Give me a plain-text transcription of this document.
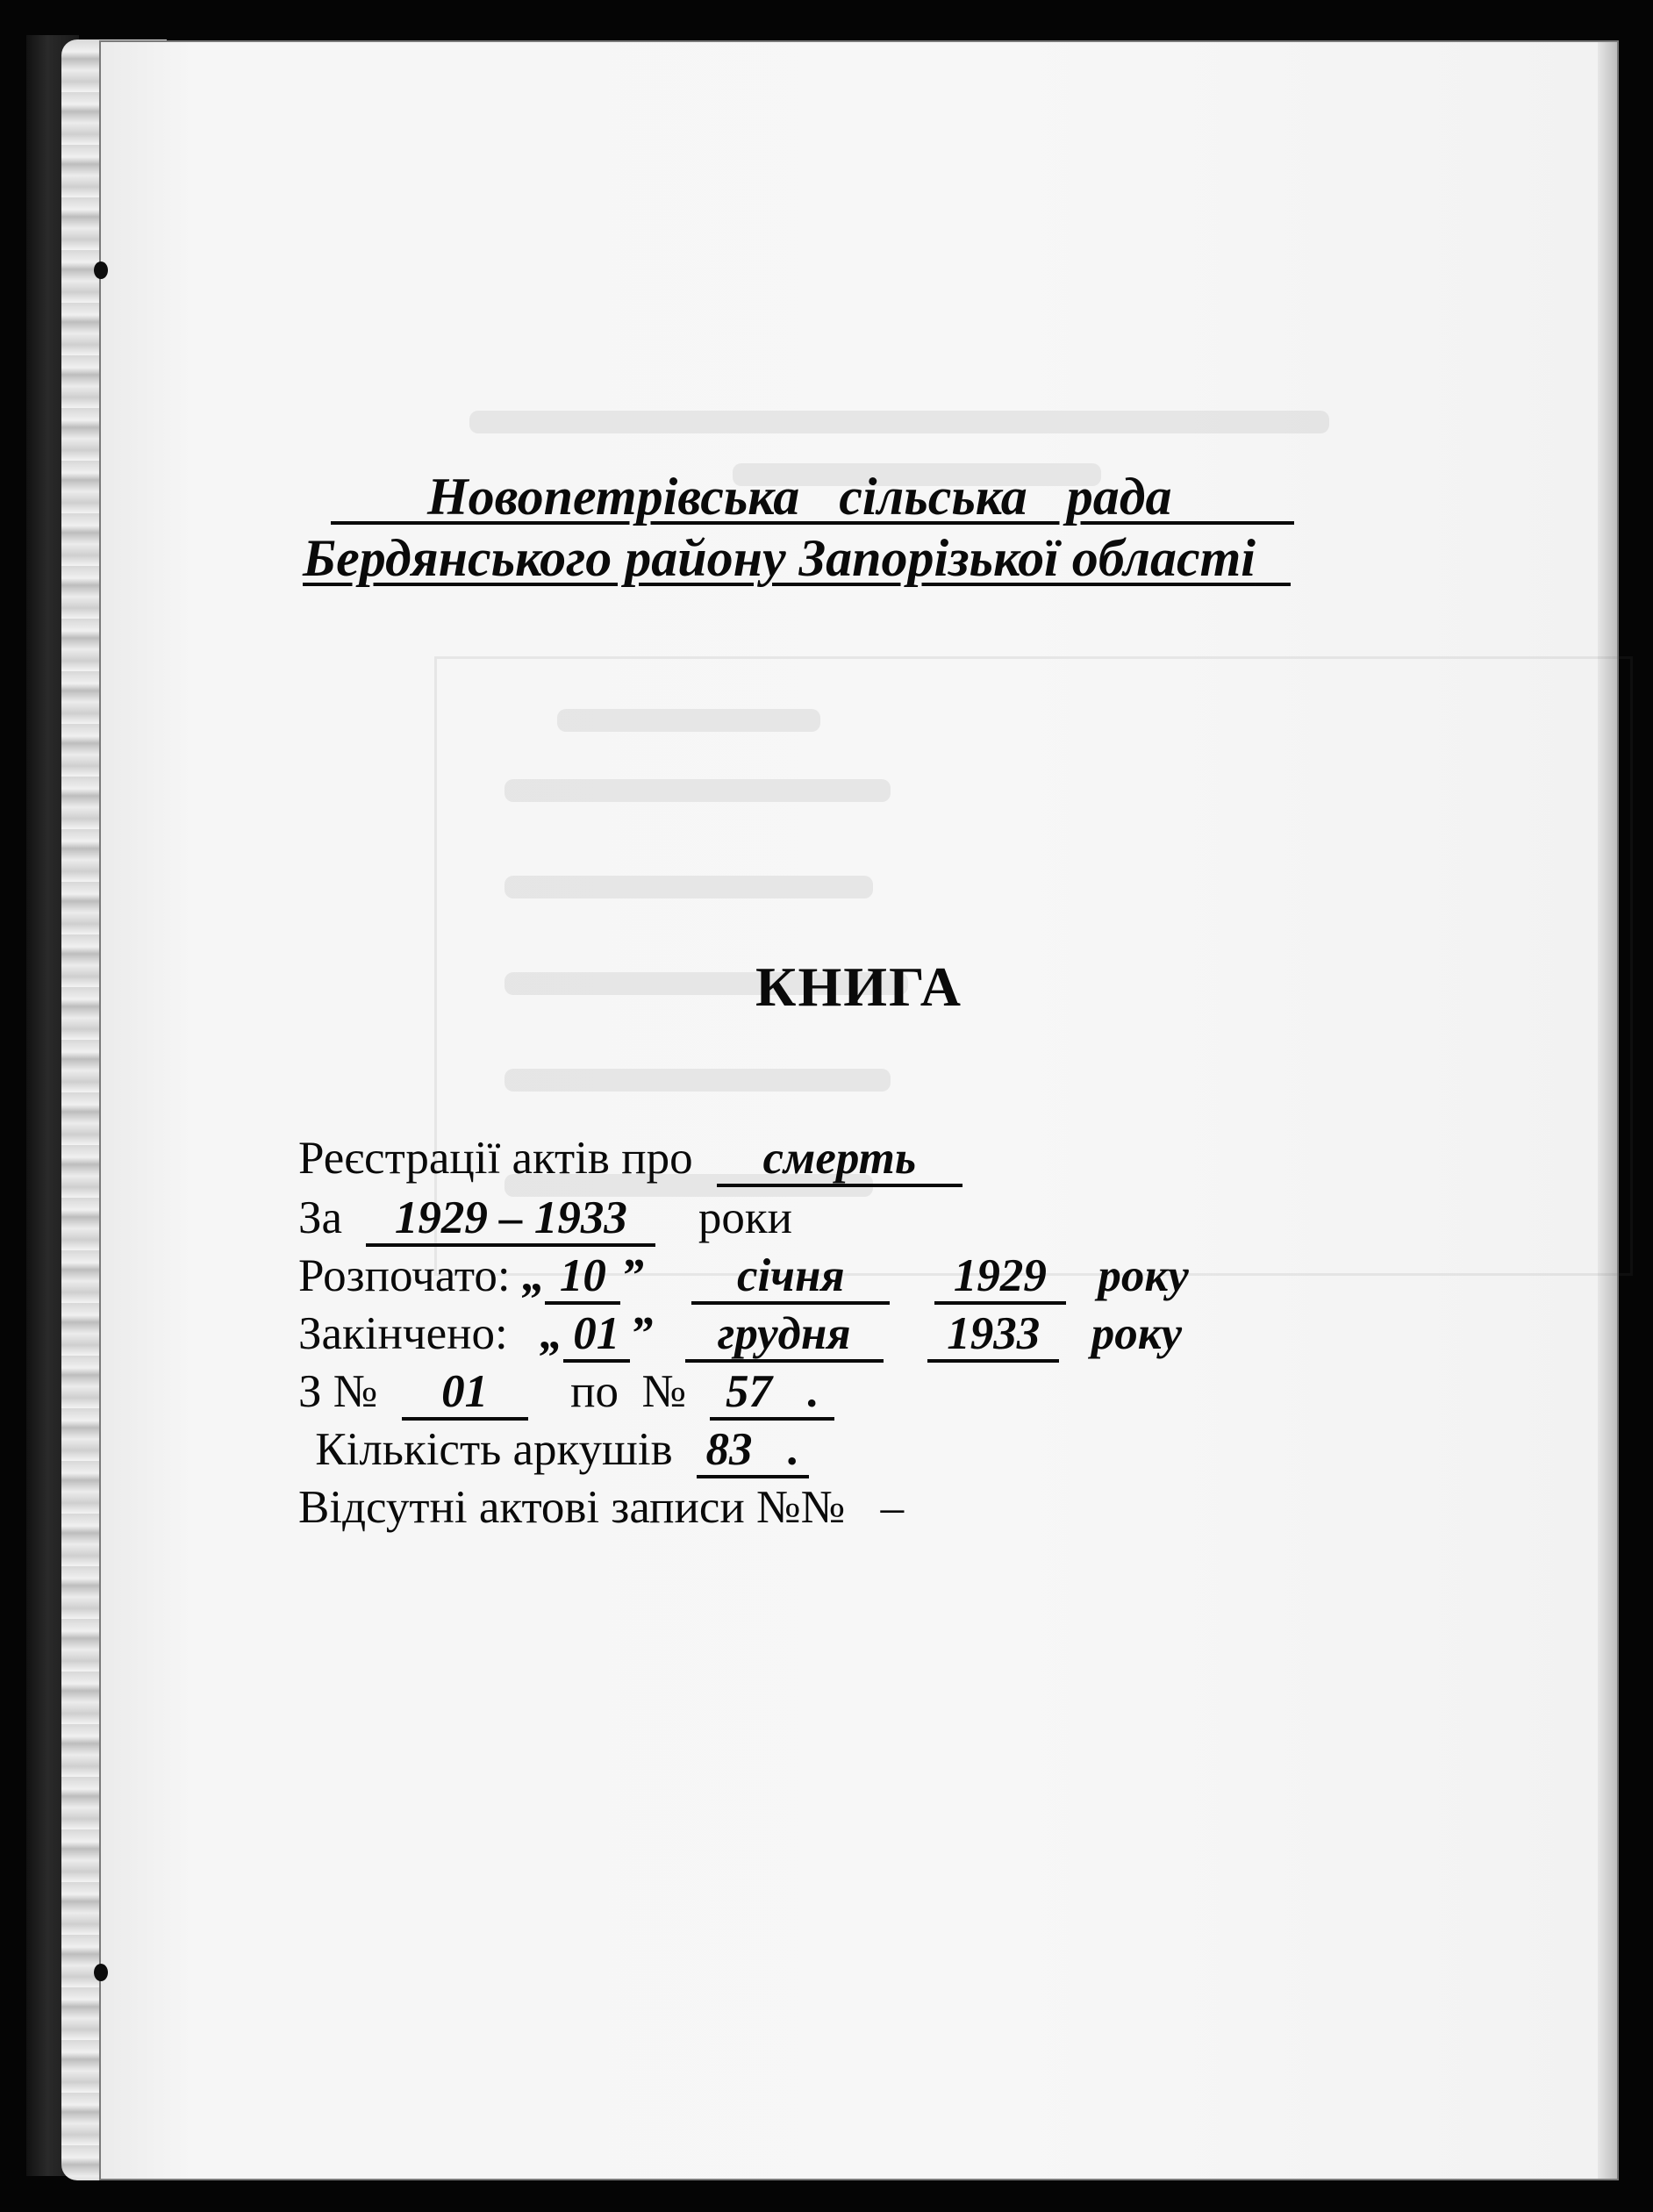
Новопетрівська   сільська   рада
Бердянського району Запорізької області
КНИГА
Реєстрації актів про смерть
За 1929 – 1933 роки
Розпочато: „ 10 ” січня 1929 року
Закінчено: „ 01 ” грудня 1933 року
З № 01 по  № 57 .
Кількість аркушів 83 .
Відсутні актові записи №№ –
